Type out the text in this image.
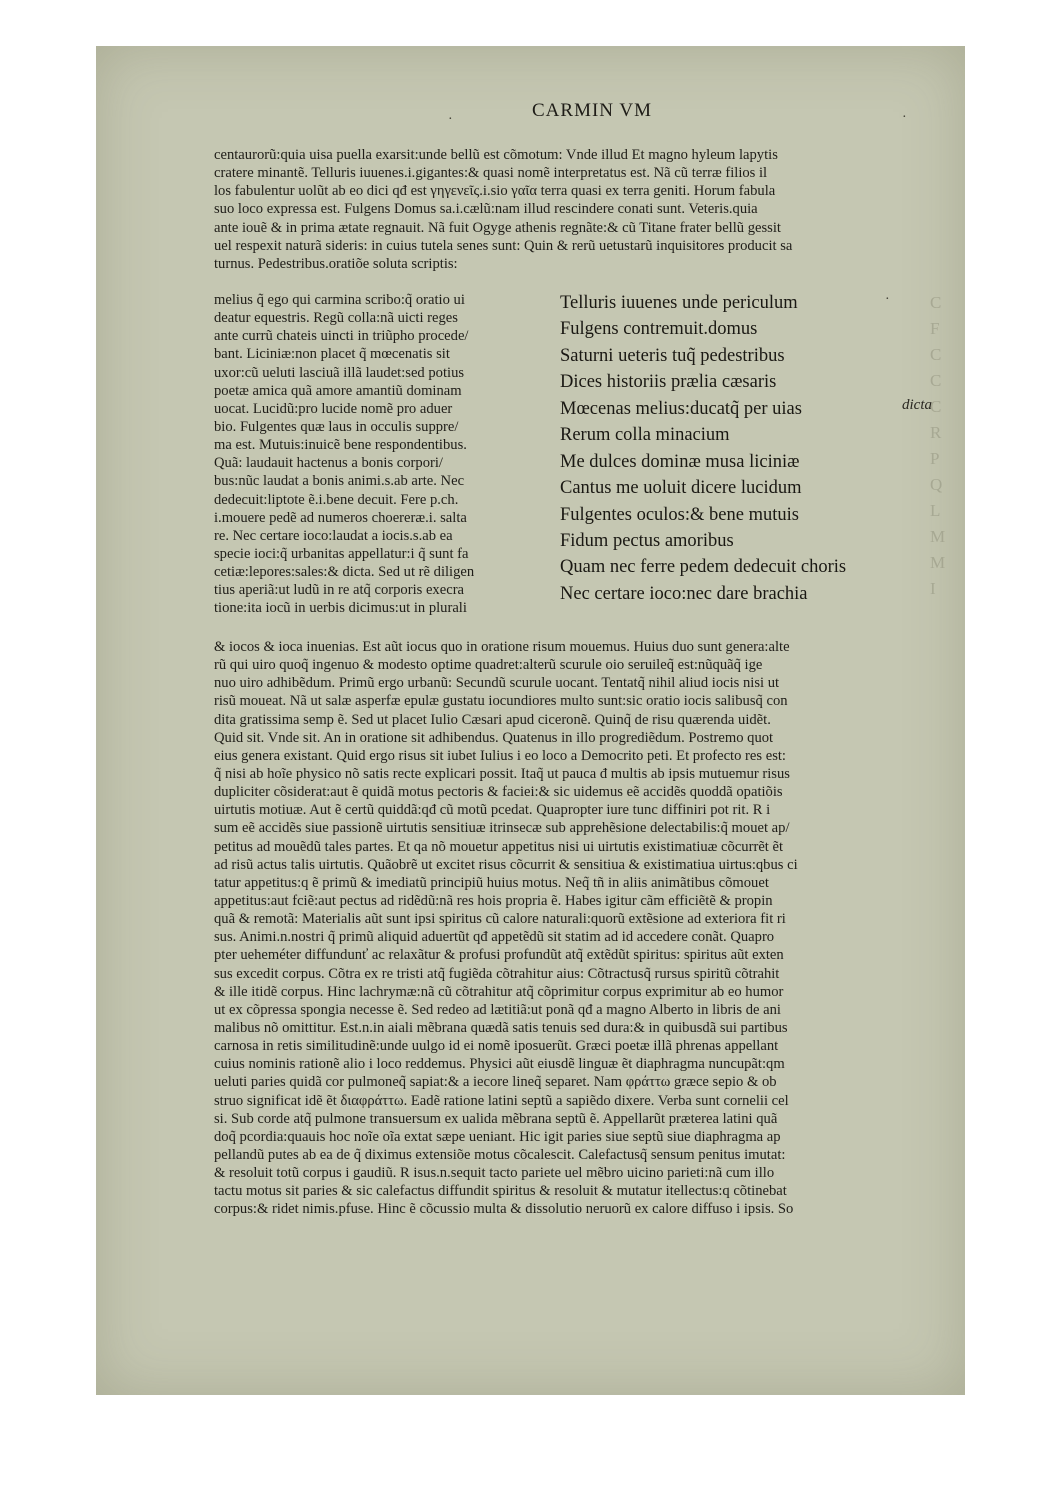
CARMIN VM
·	·
centaurorũ:quia uisa puella exarsit:unde bellũ est cõmotum: Vnde illud Et magno hyleum lapytis
cratere minantẽ. Telluris iuuenes.i.gigantes:& quasi nomẽ interpretatus est. Nã cũ terræ filios il
los fabulentur uolũt ab eo dici qđ est γηγενεῖς.i.sio γαῖα terra quasi ex terra geniti. Horum fabula
suo loco expressa est. Fulgens Domus sa.i.cælũ:nam illud rescindere conati sunt. Veteris.quia
ante iouẽ & in prima ætate regnauit. Nã fuit Ogyge athenis regnãte:& cũ Titane frater bellũ gessit
uel respexit naturã sideris: in cuius tutela senes sunt: Quin & rerũ uetustarũ inquisitores producit sa
turnus. Pedestribus.oratiõe soluta scriptis:
melius q̃ ego qui carmina scribo:q̃ oratio ui
deatur equestris. Regũ colla:nã uicti reges
ante currũ chateis uincti in triũpho procede/
bant. Liciniæ:non placet q̃ mœcenatis sit
uxor:cũ ueluti lasciuã illã laudet:sed potius
poetæ amica quã amore amantiũ dominam
uocat. Lucidũ:pro lucide nomẽ pro aduer
bio. Fulgentes quæ laus in occulis suppre/
ma est. Mutuis:inuicẽ bene respondentibus.
Quã: laudauit hactenus a bonis corpori/
bus:nũc laudat a bonis animi.s.ab arte. Nec
dedecuit:liptote ẽ.i.bene decuit. Fere p.ch.
i.mouere pedẽ ad numeros choereræ.i. salta
re. Nec certare ioco:laudat a iocis.s.ab ea
specie ioci:q̃ urbanitas appellatur:i q̃ sunt fa
cetiæ:lepores:sales:& dicta. Sed ut rẽ diligen
tius aperiã:ut ludũ in re atq̃ corporis execra
tione:ita iocũ in uerbis dicimus:ut in plurali
Telluris iuuenes unde periculum
Fulgens contremuit.domus
Saturni ueteris tuq̃ pedestribus
Dices historiis prælia cæsaris
Mœcenas melius:ducatq̃ per uias
Rerum colla minacium
Me dulces dominæ musa liciniæ
Cantus me uoluit dicere lucidum
Fulgentes oculos:& bene mutuis
Fidum pectus amoribus
Quam nec ferre pedem dedecuit choris
Nec certare ioco:nec dare brachia
·
dicta
C
F
C
C
C
R
P
Q
L
M
M
I
& iocos & ioca inuenias. Est aũt iocus quo in oratione risum mouemus. Huius duo sunt genera:alte
rũ qui uiro quoq̃ ingenuo & modesto optime quadret:alterũ scurule oio seruileq̃ est:nũquãq̃ ige
nuo uiro adhibẽdum. Primũ ergo urbanũ: Secundũ scurule uocant. Tentatq̃ nihil aliud iocis nisi ut
risũ moueat. Nã ut salæ asperfæ epulæ gustatu iocundiores multo sunt:sic oratio iocis salibusq̃ con
dita gratissima semp ẽ. Sed ut placet Iulio Cæsari apud ciceronẽ. Quinq̃ de risu quærenda uidẽt.
Quid sit. Vnde sit. An in oratione sit adhibendus. Quatenus in illo progrediẽdum. Postremo quot
eius genera existant. Quid ergo risus sit iubet Iulius i eo loco a Democrito peti. Et profecto res est:
q̃ nisi ab hoĩe physico nõ satis recte explicari possit. Itaq̃ ut pauca đ multis ab ipsis mutuemur risus
dupliciter cõsiderat:aut ẽ quidã motus pectoris & faciei:& sic uidemus eẽ accidẽs quoddã opatiõis
uirtutis motiuæ. Aut ẽ certũ quiddã:qđ cũ motũ pcedat. Quapropter iure tunc diffiniri pot rit. R i
sum eẽ accidẽs siue passionẽ uirtutis sensitiuæ itrinsecæ sub apprehẽsione delectabilis:q̃ mouet ap/
petitus ad mouẽdũ tales partes. Et qa nõ mouetur appetitus nisi ui uirtutis existimatiuæ cõcurrẽt ẽt
ad risũ actus talis uirtutis. Quãobrẽ ut excitet risus cõcurrit & sensitiua & existimatiua uirtus:qbus ci
tatur appetitus:q ẽ primũ & imediatũ principiũ huius motus. Neq̃ tñ in aliis animãtibus cõmouet
appetitus:aut fciẽ:aut pectus ad ridẽdũ:nã res hois propria ẽ. Habes igitur cãm efficiẽtẽ & propin
quã & remotã: Materialis aũt sunt ipsi spiritus cũ calore naturali:quorũ extẽsione ad exteriora fit ri
sus. Animi.n.nostri q̃ primũ aliquid aduertũt qđ appetẽdũ sit statim ad id accedere conãt. Quapro
pter ueheméter diffundunť ac relaxãtur & profusi profundũt atq̃ extẽdũt spiritus: spiritus aũt exten
sus excedit corpus. Cõtra ex re tristi atq̃ fugiẽda cõtrahitur aius: Cõtractusq̃ rursus spiritũ cõtrahit
& ille itidẽ corpus. Hinc lachrymæ:nã cũ cõtrahitur atq̃ cõprimitur corpus exprimitur ab eo humor
ut ex cõpressa spongia necesse ẽ. Sed redeo ad lætitiã:ut ponã qđ a magno Alberto in libris de ani
malibus nõ omittitur. Est.n.in aiali mẽbrana quædã satis tenuis sed dura:& in quibusdã sui partibus
carnosa in retis similitudinẽ:unde uulgo id ei nomẽ iposuerũt. Græci poetæ illã phrenas appellant
cuius nominis rationẽ alio i loco reddemus. Physici aũt eiusdẽ linguæ ẽt diaphragma nuncupãt:qm
ueluti paries quidã cor pulmoneq̃ sapiat:& a iecore lineq̃ separet. Nam φράττω græce sepio & ob
struo significat idẽ ẽt διαφράττω. Eadẽ ratione latini septũ a sapiẽdo dixere. Verba sunt cornelii cel
si. Sub corde atq̃ pulmone transuersum ex ualida mẽbrana septũ ẽ. Appellarũt præterea latini quã
doq̃ pcordia:quauis hoc noĩe oĩa extat sæpe ueniant. Hic igit paries siue septũ siue diaphragma ap
pellandũ putes ab ea de q̃ diximus extensiõe motus cõcalescit. Calefactusq̃ sensum penitus imutat:
& resoluit totũ corpus i gaudiũ. R isus.n.sequit tacto pariete uel mẽbro uicino parieti:nã cum illo
tactu motus sit paries & sic calefactus diffundit spiritus & resoluit & mutatur itellectus:q cõtinebat
corpus:& ridet nimis.pfuse. Hinc ẽ cõcussio multa & dissolutio neruorũ ex calore diffuso i ipsis. So
